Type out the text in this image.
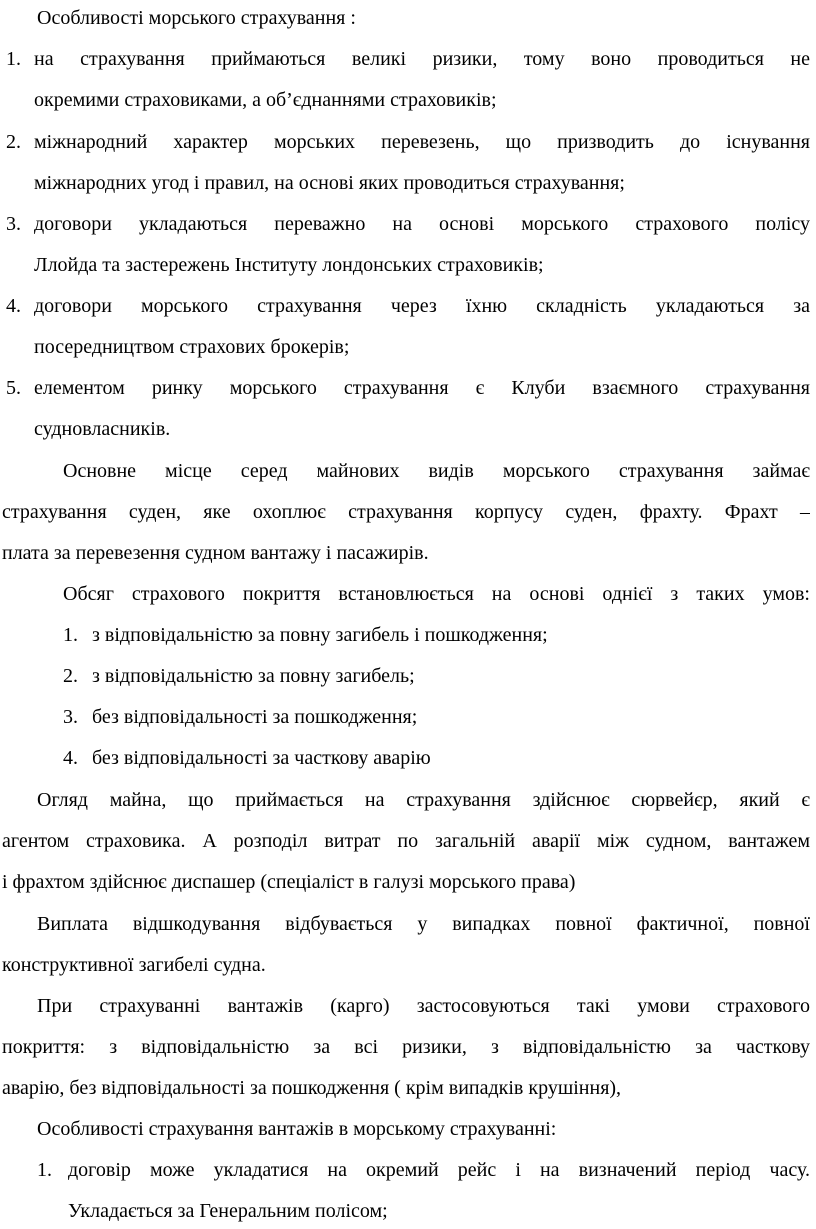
Особливості морського страхування :
1. на страхування приймаються великі ризики, тому воно проводиться не
окремими страховиками, а об’єднаннями страховиків;
2. міжнародний характер морських перевезень, що призводить до існування
міжнародних угод і правил, на основі яких проводиться страхування;
3. договори укладаються переважно на основі морського страхового полісу
Ллойда та застережень Інституту лондонських страховиків;
4. договори морського страхування через їхню складність укладаються за
посередництвом страхових брокерів;
5. елементом ринку морського страхування є Клуби взаємного страхування
судновласників.
Основне місце серед майнових видів морського страхування займає
страхування суден, яке охоплює страхування корпусу суден, фрахту. Фрахт –
плата за перевезення судном вантажу і пасажирів.
Обсяг страхового покриття встановлюється на основі однієї з таких умов:
1. з відповідальністю за повну загибель і пошкодження;
2. з відповідальністю за повну загибель;
3. без відповідальності за пошкодження;
4. без відповідальності за часткову аварію
Огляд майна, що приймається на страхування здійснює сюрвейєр, який є
агентом страховика. А розподіл витрат по загальній аварії між судном, вантажем
і фрахтом здійснює диспашер (спеціаліст в галузі морського права)
Виплата відшкодування відбувається у випадках повної фактичної, повної
конструктивної загибелі судна.
При страхуванні вантажів (карго) застосовуються такі умови страхового
покриття: з відповідальністю за всі ризики, з відповідальністю за часткову
аварію, без відповідальності за пошкодження ( крім випадків крушіння),
Особливості страхування вантажів в морському страхуванні:
1. договір може укладатися на окремий рейс і на визначений період часу.
Укладається за Генеральним полісом;
